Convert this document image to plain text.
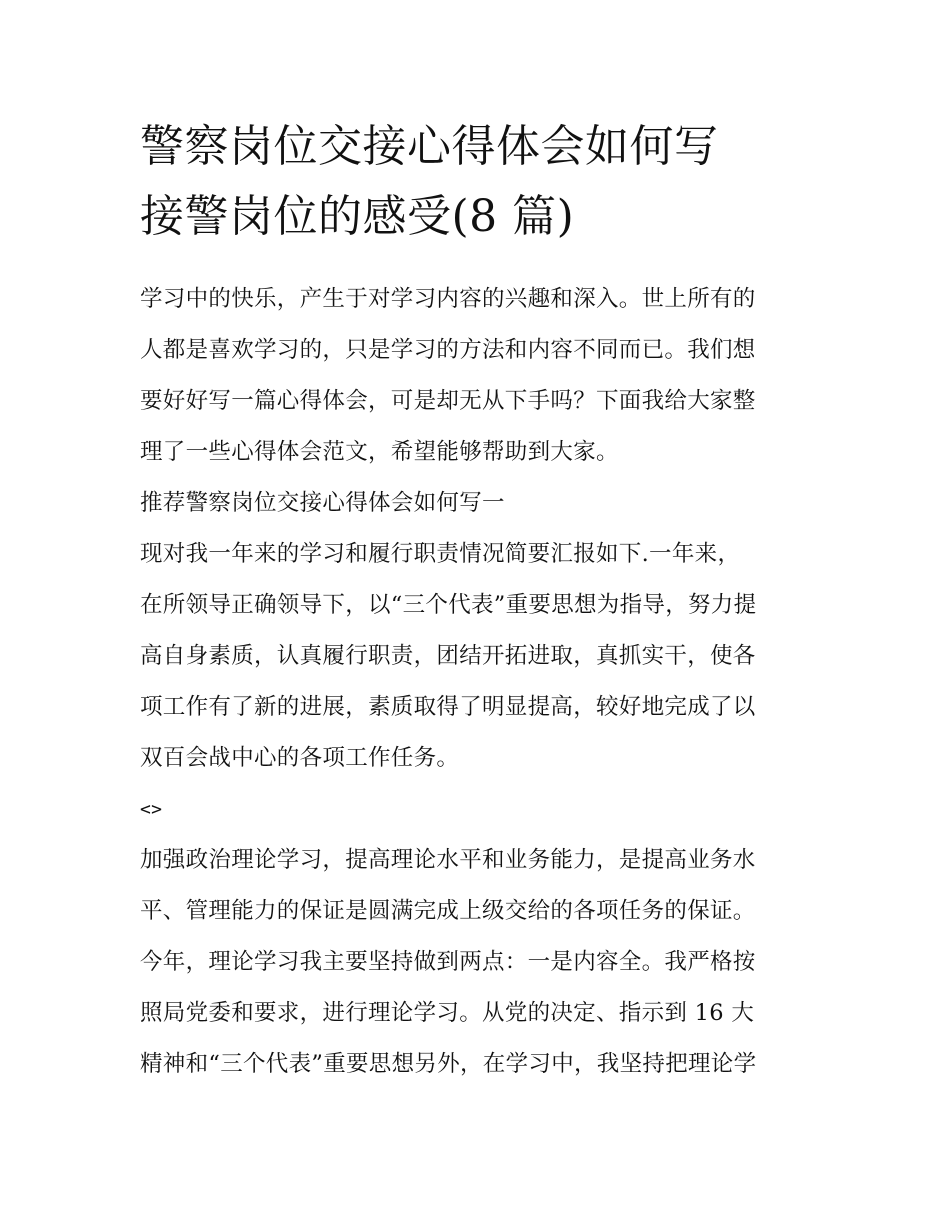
警察岗位交接心得体会如何写
接警岗位的感受(8 篇)
学习中的快乐，产生于对学习内容的兴趣和深入。世上所有的
人都是喜欢学习的，只是学习的方法和内容不同而已。我们想
要好好写一篇心得体会，可是却无从下手吗？下面我给大家整
理了一些心得体会范文，希望能够帮助到大家。
推荐警察岗位交接心得体会如何写一
现对我一年来的学习和履行职责情况简要汇报如下.一年来，
在所领导正确领导下，以“三个代表”重要思想为指导，努力提
高自身素质，认真履行职责，团结开拓进取，真抓实干，使各
项工作有了新的进展，素质取得了明显提高，较好地完成了以
双百会战中心的各项工作任务。
<>
加强政治理论学习，提高理论水平和业务能力，是提高业务水
平、管理能力的保证是圆满完成上级交给的各项任务的保证。
今年，理论学习我主要坚持做到两点：一是内容全。我严格按
照局党委和要求，进行理论学习。从党的决定、指示到 16 大
精神和“三个代表”重要思想另外，在学习中，我坚持把理论学
